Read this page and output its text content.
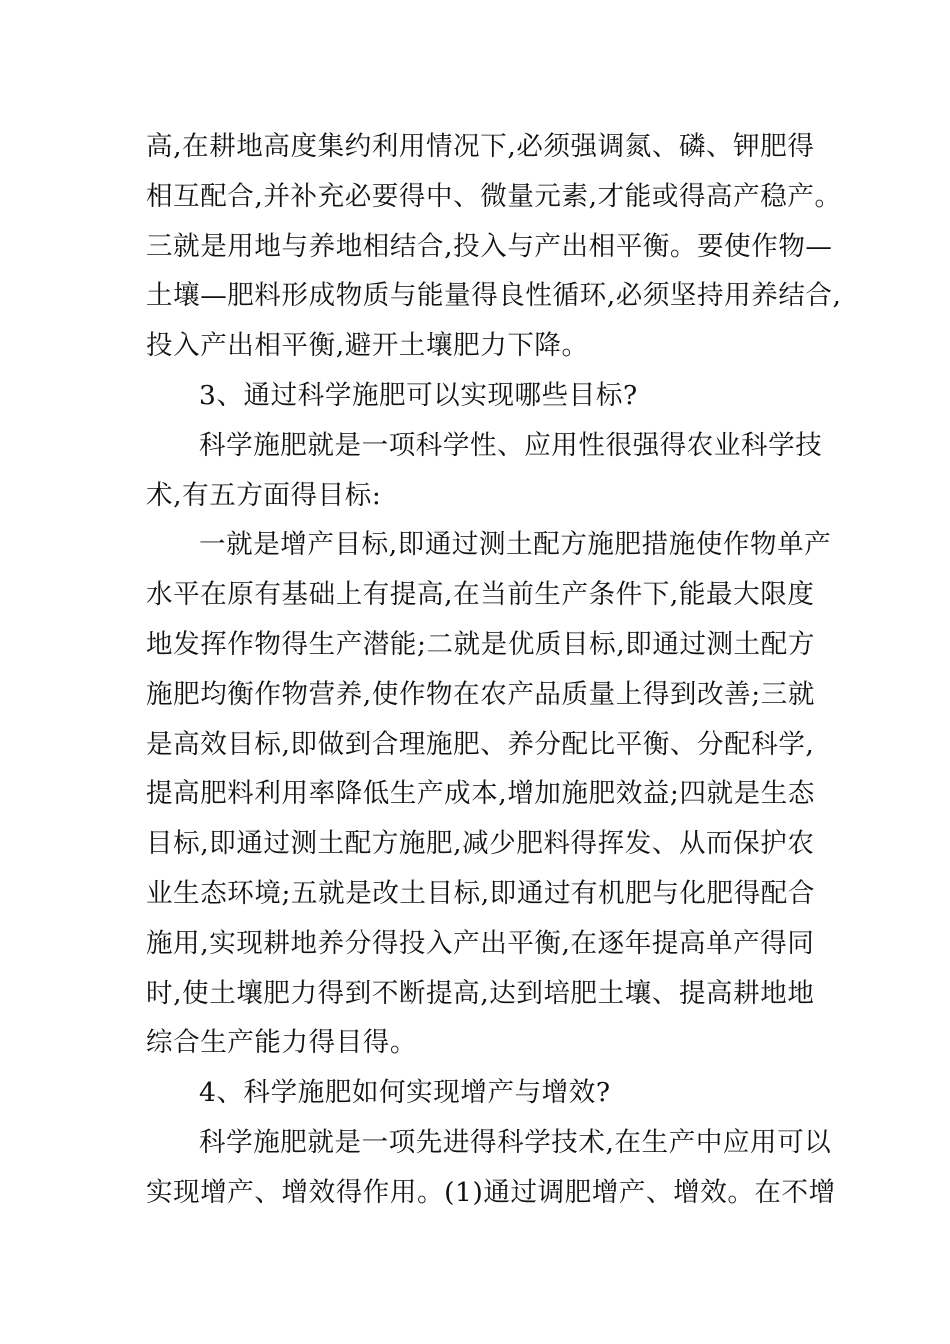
高,在耕地高度集约利用情况下,必须强调氮、磷、钾肥得
相互配合,并补充必要得中、微量元素,才能或得高产稳产。
三就是用地与养地相结合,投入与产出相平衡。要使作物—
土壤—肥料形成物质与能量得良性循环,必须坚持用养结合,
投入产出相平衡,避开土壤肥力下降。
3、通过科学施肥可以实现哪些目标?
科学施肥就是一项科学性、应用性很强得农业科学技
术,有五方面得目标:
一就是增产目标,即通过测土配方施肥措施使作物单产
水平在原有基础上有提高,在当前生产条件下,能最大限度
地发挥作物得生产潜能;二就是优质目标,即通过测土配方
施肥均衡作物营养,使作物在农产品质量上得到改善;三就
是高效目标,即做到合理施肥、养分配比平衡、分配科学,
提高肥料利用率降低生产成本,增加施肥效益;四就是生态
目标,即通过测土配方施肥,减少肥料得挥发、从而保护农
业生态环境;五就是改土目标,即通过有机肥与化肥得配合
施用,实现耕地养分得投入产出平衡,在逐年提高单产得同
时,使土壤肥力得到不断提高,达到培肥土壤、提高耕地地
综合生产能力得目得。
4、科学施肥如何实现增产与增效?
科学施肥就是一项先进得科学技术,在生产中应用可以
实现增产、增效得作用。(1)通过调肥增产、增效。在不增
